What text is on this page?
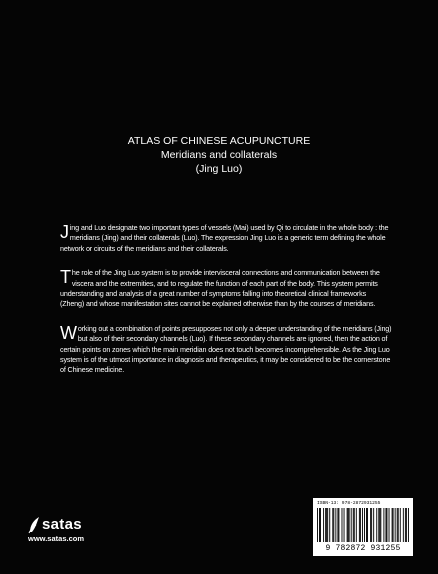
ATLAS OF CHINESE ACUPUNCTURE
Meridians and collaterals
(Jing Luo)

Jing and Luo designate two important types of vessels (Mai) used by Qi to circulate in the whole body : the meridians (Jing) and their collaterals (Luo). The expression Jing Luo is a generic term defining the whole network or circuits of the meridians and their collaterals.

The role of the Jing Luo system is to provide intervisceral connections and communication between the viscera and the extremities, and to regulate the function of each part of the body. This system permits understanding and analysis of a great number of symptoms falling into theoretical clinical frameworks (Zheng) and whose manifestation sites cannot be explained otherwise than by the courses of meridians.

Working out a combination of points presupposes not only a deeper understanding of the meridians (Jing) but also of their secondary channels (Luo). If these secondary channels are ignored, then the action of certain points on zones which the main meridian does not touch becomes incomprehensible. As the Jing Luo system is of the utmost importance in diagnosis and therapeutics, it may be considered to be the cornerstone of Chinese medicine.

satas
www.satas.com
ISBN-13: 978-2872931255
9 782872 931255
